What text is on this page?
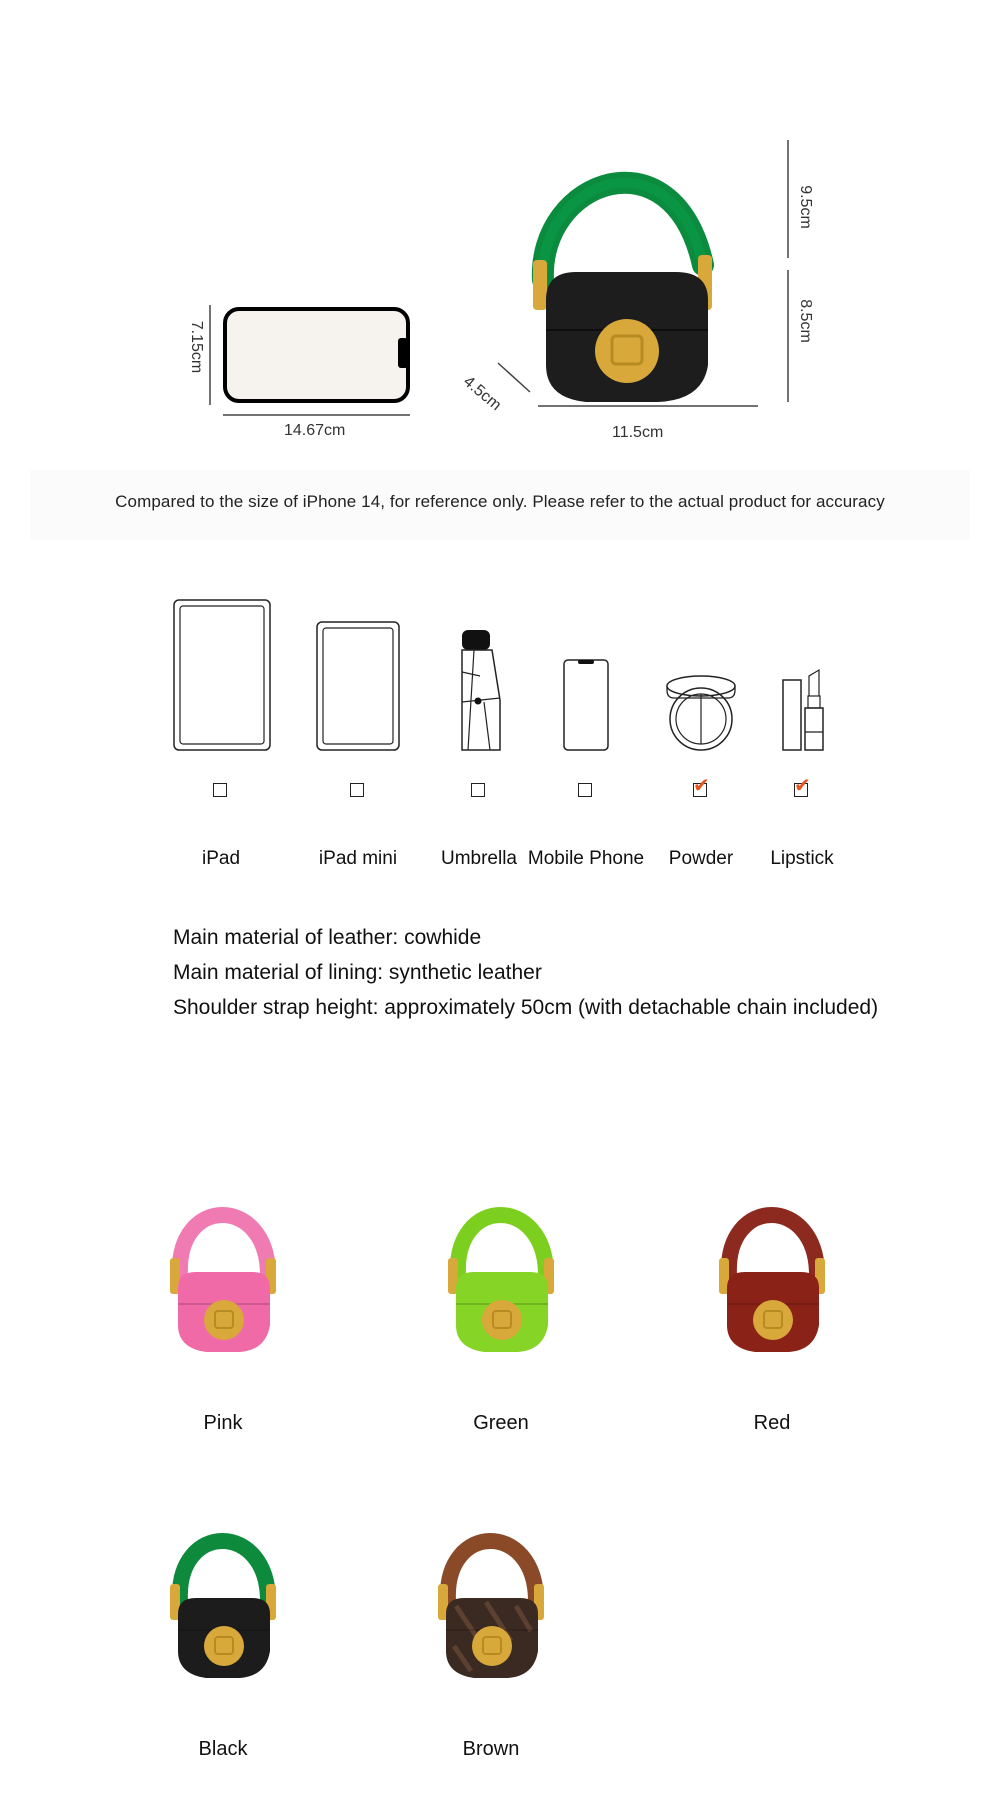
7.15cm
14.67cm
9.5cm
8.5cm
4.5cm
11.5cm
Compared to the size of iPhone 14, for reference only. Please refer to the actual product for accuracy
iPad	iPad mini	Umbrella Mobile Phone
✔
Powder
✔
Lipstick
Main material of leather: cowhide
Main material of lining: synthetic leather
Shoulder strap height: approximately 50cm (with detachable chain included)
Pink	Green	Red
Black	Brown
